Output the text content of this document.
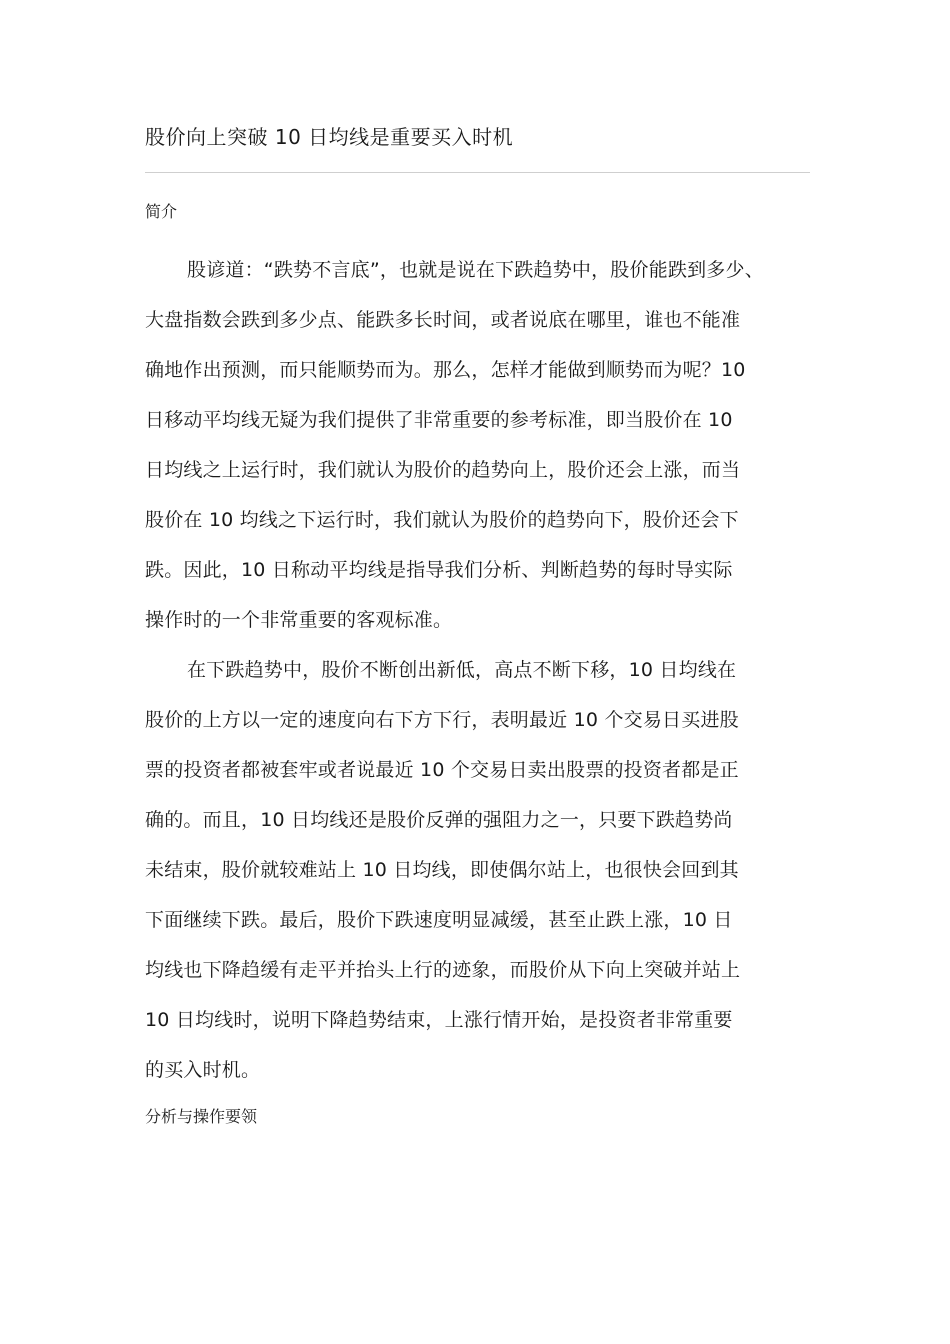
股价向上突破 10 日均线是重要买入时机
简介
股谚道：“跌势不言底”，也就是说在下跌趋势中，股价能跌到多少、
大盘指数会跌到多少点、能跌多长时间，或者说底在哪里，谁也不能准
确地作出预测，而只能顺势而为。那么，怎样才能做到顺势而为呢？10
日移动平均线无疑为我们提供了非常重要的参考标准，即当股价在 10
日均线之上运行时，我们就认为股价的趋势向上，股价还会上涨，而当
股价在 10 均线之下运行时，我们就认为股价的趋势向下，股价还会下
跌。因此，10 日称动平均线是指导我们分析、判断趋势的每时导实际
操作时的一个非常重要的客观标准。
在下跌趋势中，股价不断创出新低，高点不断下移，10 日均线在
股价的上方以一定的速度向右下方下行，表明最近 10 个交易日买进股
票的投资者都被套牢或者说最近 10 个交易日卖出股票的投资者都是正
确的。而且，10 日均线还是股价反弹的强阻力之一，只要下跌趋势尚
未结束，股价就较难站上 10 日均线，即使偶尔站上，也很快会回到其
下面继续下跌。最后，股价下跌速度明显减缓，甚至止跌上涨，10 日
均线也下降趋缓有走平并抬头上行的迹象，而股价从下向上突破并站上
10 日均线时，说明下降趋势结束，上涨行情开始，是投资者非常重要
的买入时机。
分析与操作要领
